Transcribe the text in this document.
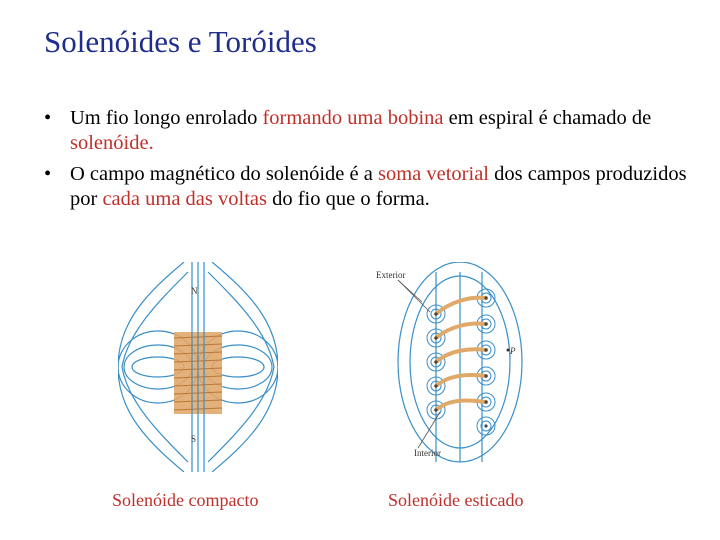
Solenóides e Toróides
• Um fio longo enrolado formando uma bobina em espiral é chamado de solenóide.
• O campo magnético do solenóide é a soma vetorial dos campos produzidos por cada uma das voltas do fio que o forma.
N
S
Exterior
Interior
P
Solenóide compacto	Solenóide esticado
